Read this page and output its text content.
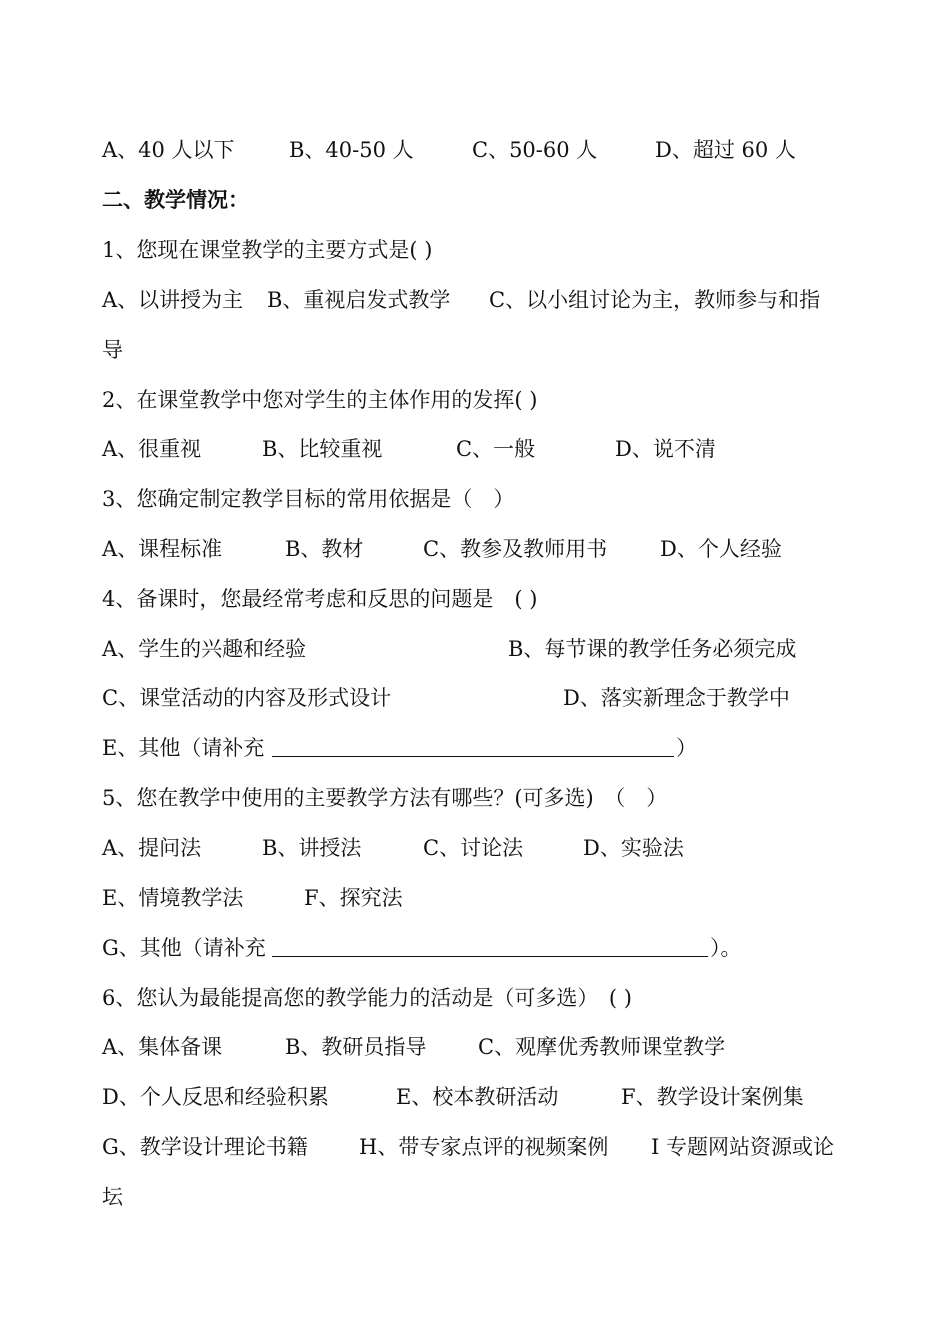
A、40 人以下	B、40-50 人	C、50-60 人	D、超过 60 人
二、教学情况：
1、您现在课堂教学的主要方式是( )
A、以讲授为主 B、重视启发式教学 C、以小组讨论为主，教师参与和指
导
2、在课堂教学中您对学生的主体作用的发挥( )
A、很重视	B、比较重视	C、一般	D、说不清
3、您确定制定教学目标的常用依据是（　）
A、课程标准	B、教材	C、教参及教师用书	D、个人经验
4、备课时，您最经常考虑和反思的问题是　( )
A、学生的兴趣和经验	B、每节课的教学任务必须完成
C、课堂活动的内容及形式设计	D、落实新理念于教学中
E、其他（请补充	）
5、您在教学中使用的主要教学方法有哪些？(可多选)　（　）
A、提问法	B、讲授法	C、讨论法	D、实验法
E、情境教学法	F、探究法
G、其他（请补充	）。
6、您认为最能提高您的教学能力的活动是（可多选）　( )
A、集体备课	B、教研员指导 C、观摩优秀教师课堂教学
D、个人反思和经验积累	E、校本教研活动	F、教学设计案例集
G、教学设计理论书籍 H、带专家点评的视频案例 I 专题网站资源或论
坛
